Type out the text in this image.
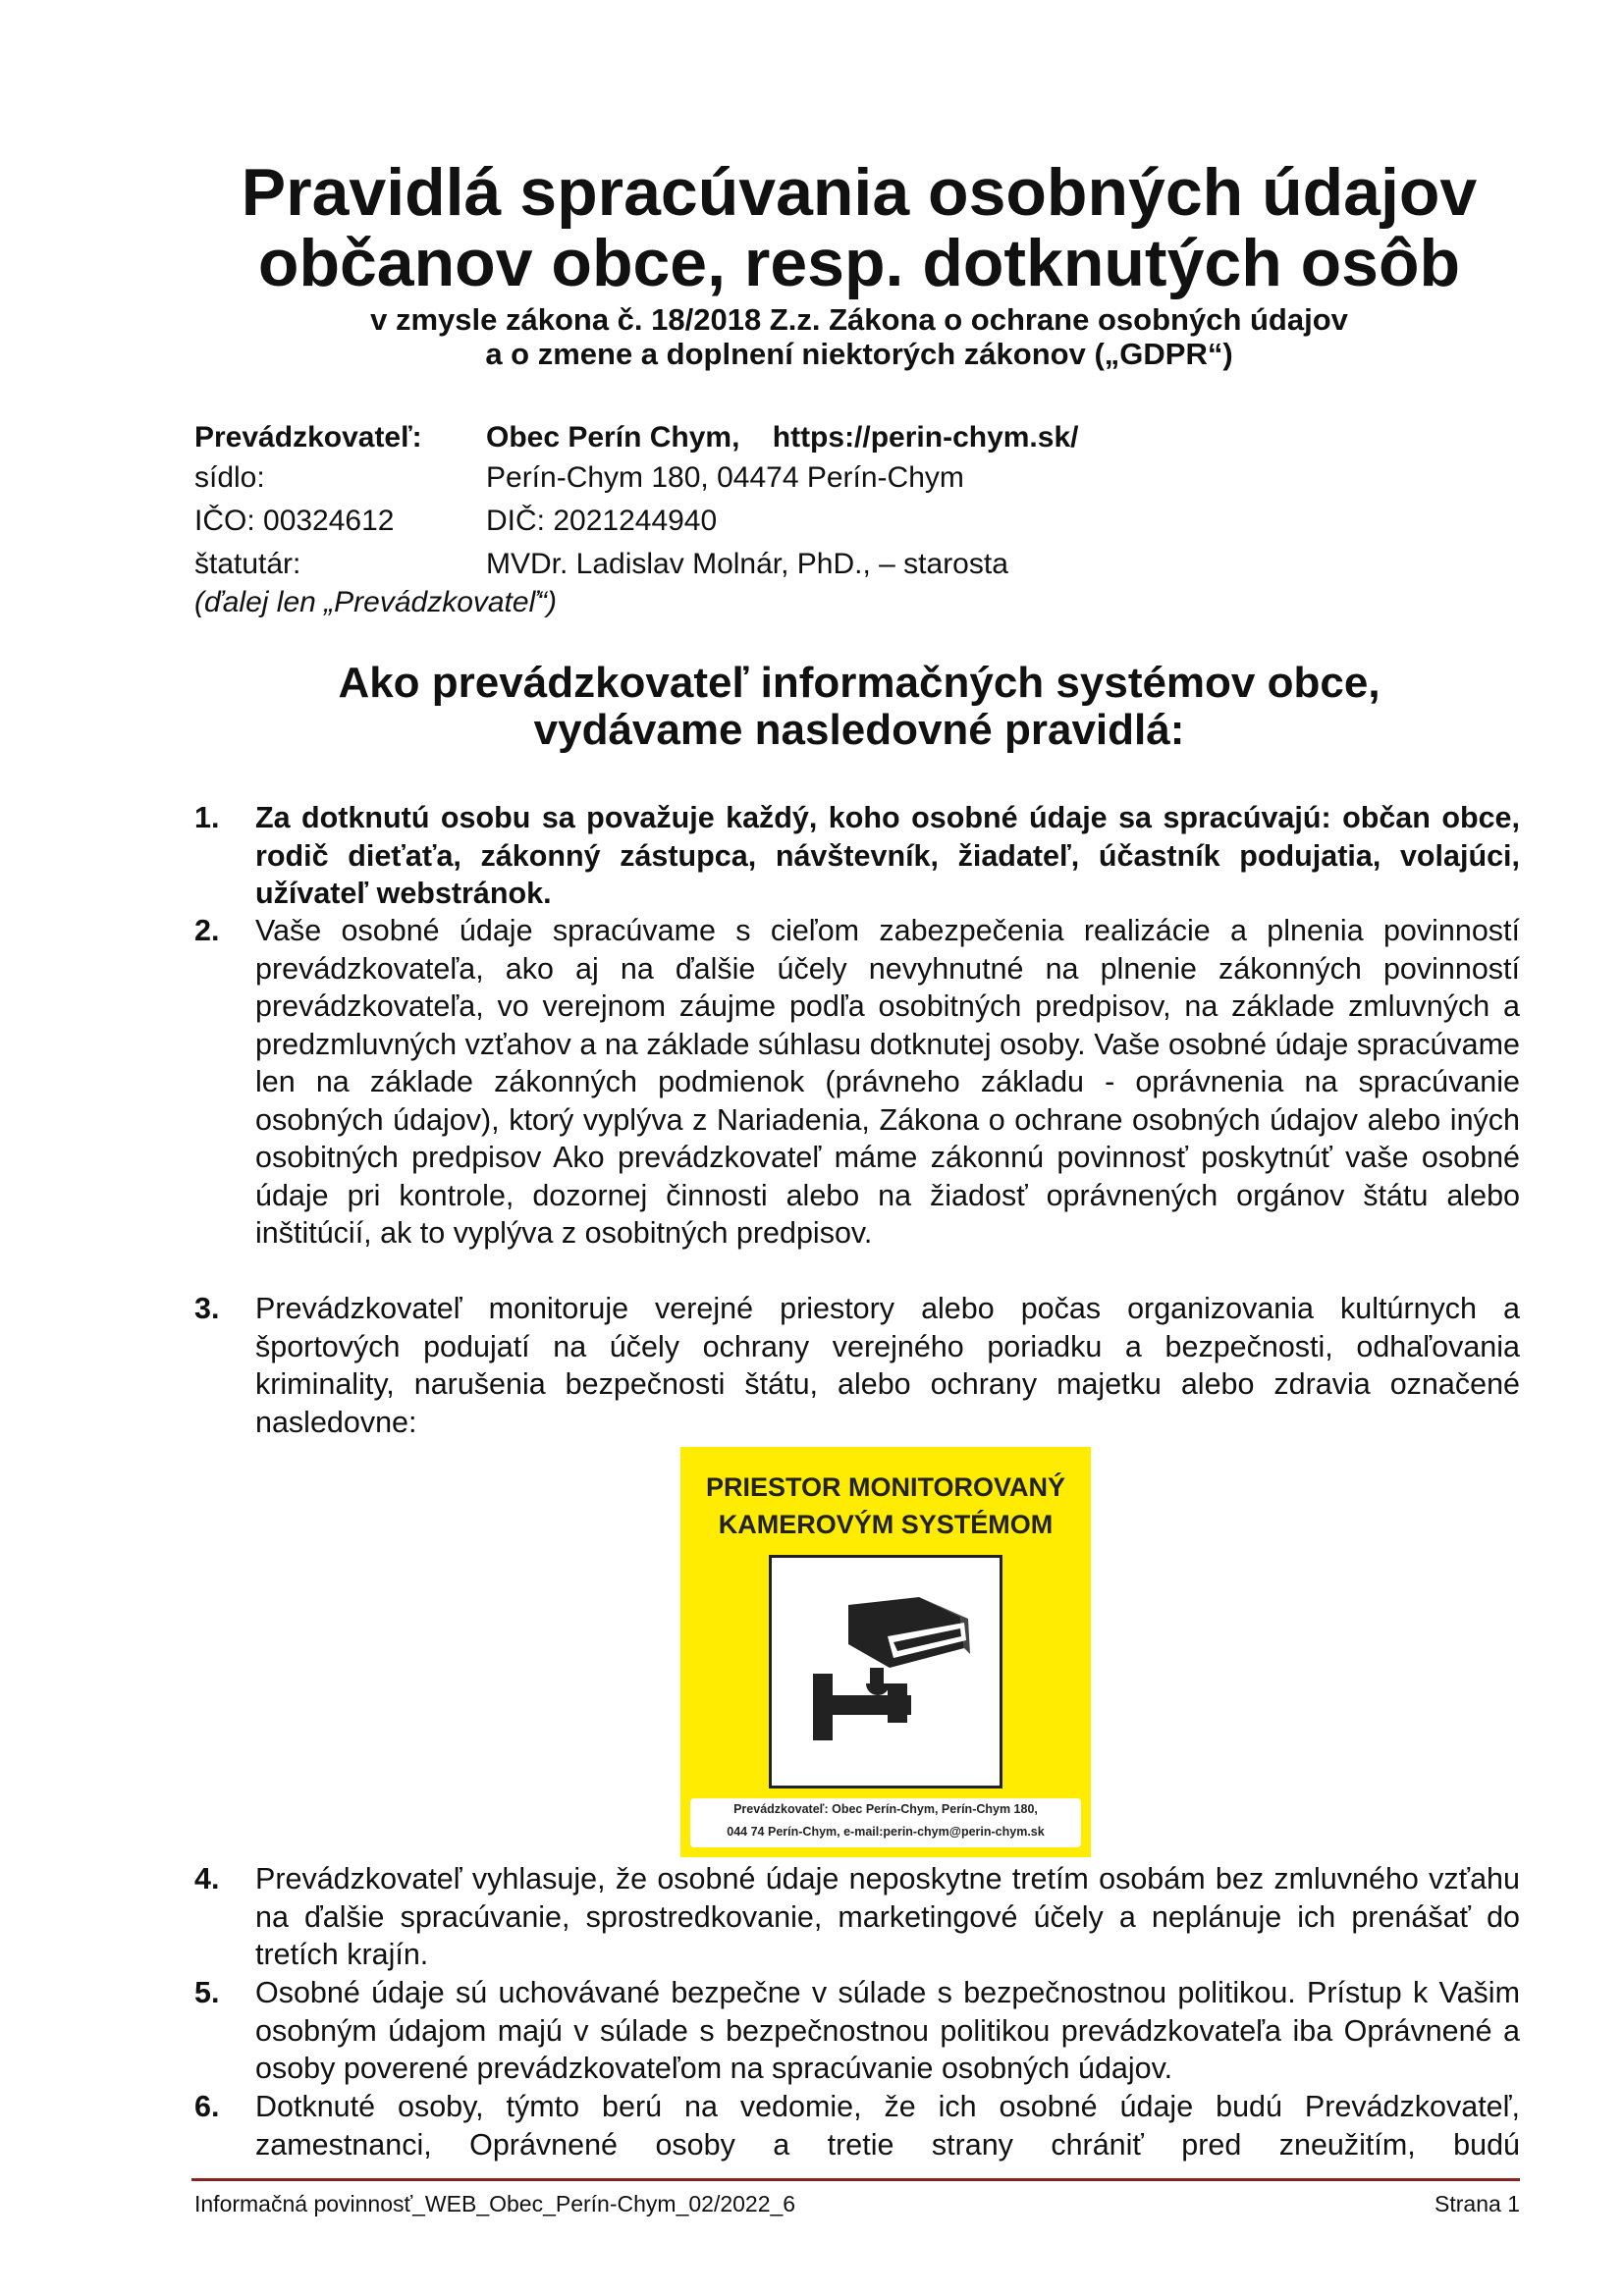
Pravidlá spracúvania osobných údajov
občanov obce, resp. dotknutých osôb
v zmysle zákona č. 18/2018 Z.z. Zákona o ochrane osobných údajov
a o zmene a doplnení niektorých zákonov („GDPR“)
Prevádzkovateľ: Obec Perín Chym,    https://perin-chym.sk/
sídlo:	Perín-Chym 180, 04474 Perín-Chym
IČO: 00324612	DIČ: 2021244940
štatutár:	MVDr. Ladislav Molnár, PhD., – starosta
(ďalej len „Prevádzkovateľ“)
Ako prevádzkovateľ informačných systémov obce,
vydávame nasledovné pravidlá:
1. Za dotknutú osobu sa považuje každý, koho osobné údaje sa spracúvajú: občan obce, rodič dieťaťa, zákonný zástupca, návštevník, žiadateľ, účastník podujatia, volajúci, užívateľ webstránok.
2. Vaše osobné údaje spracúvame s cieľom zabezpečenia realizácie a plnenia povinností prevádzkovateľa, ako aj na ďalšie účely nevyhnutné na plnenie zákonných povinností prevádzkovateľa, vo verejnom záujme podľa osobitných predpisov, na základe zmluvných a predzmluvných vzťahov a na základe súhlasu dotknutej osoby. Vaše osobné údaje spracúvame len na základe zákonných podmienok (právneho základu - oprávnenia na spracúvanie osobných údajov), ktorý vyplýva z Nariadenia, Zákona o ochrane osobných údajov alebo iných osobitných predpisov Ako prevádzkovateľ máme zákonnú povinnosť poskytnúť vaše osobné údaje pri kontrole, dozornej činnosti alebo na žiadosť oprávnených orgánov štátu alebo inštitúcií, ak to vyplýva z osobitných predpisov.
3. Prevádzkovateľ monitoruje verejné priestory alebo počas organizovania kultúrnych a športových podujatí na účely ochrany verejného poriadku a bezpečnosti, odhaľovania kriminality, narušenia bezpečnosti štátu, alebo ochrany majetku alebo zdravia označené nasledovne:
PRIESTOR MONITOROVANÝ
KAMEROVÝM SYSTÉMOM
Prevádzkovateľ: Obec Perín-Chym, Perín-Chym 180,
044 74 Perín-Chym, e-mail:perin-chym@perin-chym.sk
4. Prevádzkovateľ vyhlasuje, že osobné údaje neposkytne tretím osobám bez zmluvného vzťahu na ďalšie spracúvanie, sprostredkovanie, marketingové účely a neplánuje ich prenášať do tretích krajín.
5. Osobné údaje sú uchovávané bezpečne v súlade s bezpečnostnou politikou. Prístup k Vašim osobným údajom majú v súlade s bezpečnostnou politikou prevádzkovateľa iba Oprávnené a osoby poverené prevádzkovateľom na spracúvanie osobných údajov.
6. Dotknuté osoby, týmto berú na vedomie, že ich osobné údaje budú Prevádzkovateľ, zamestnanci, Oprávnené osoby a tretie strany chrániť pred zneužitím, budú
Informačná povinnosť_WEB_Obec_Perín-Chym_02/2022_6	Strana 1
